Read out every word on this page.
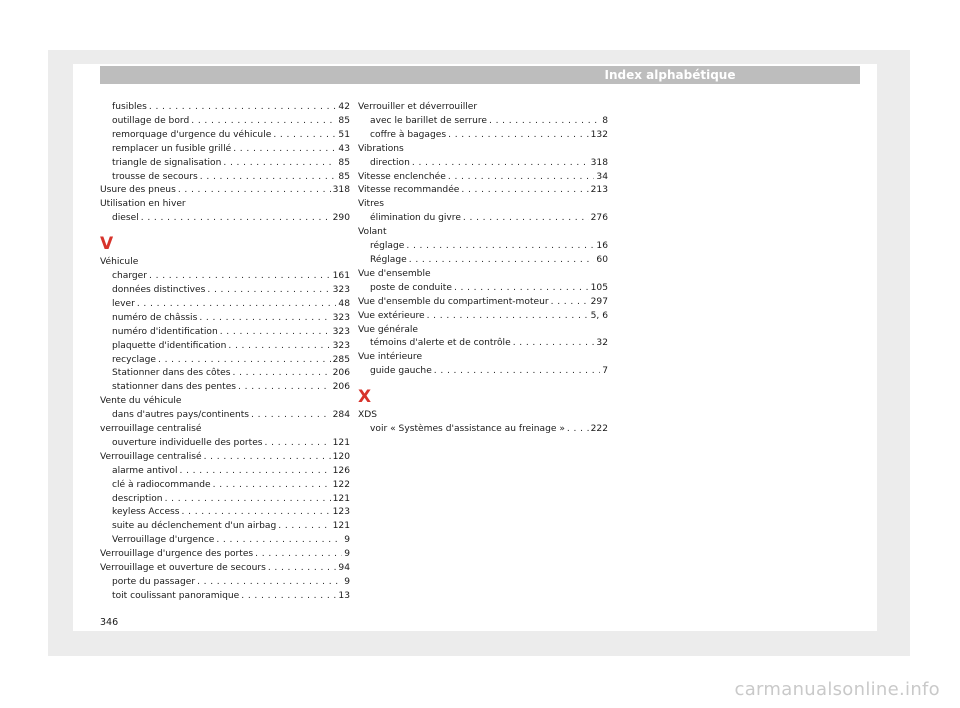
Index alphabétique
fusibles . . .	42
outillage de bord . . .	85
remorquage d'urgence du véhicule . . .	51
remplacer un fusible grillé . . .	43
triangle de signalisation . . .	85
trousse de secours . . .	85
Usure des pneus . . .	318
Utilisation en hiver
diesel . . .	290
V
Véhicule
charger . . .	161
données distinctives . . .	323
lever . . .	48
numéro de châssis . . .	323
numéro d'identification . . .	323
plaquette d'identification . . .	323
recyclage . . .	285
Stationner dans des côtes . . .	206
stationner dans des pentes . . .	206
Vente du véhicule
dans d'autres pays/continents . . .	284
verrouillage centralisé
ouverture individuelle des portes . . .	121
Verrouillage centralisé . . .	120
alarme antivol . . .	126
clé à radiocommande . . .	122
description . . .	121
keyless Access . . .	123
suite au déclenchement d'un airbag . . .	121
Verrouillage d'urgence . . .	9
Verrouillage d'urgence des portes . . .	9
Verrouillage et ouverture de secours . . .	94
porte du passager . . .	9
toit coulissant panoramique . . .	13
Verrouiller et déverrouiller
avec le barillet de serrure . . .	8
coffre à bagages . . .	132
Vibrations
direction . . .	318
Vitesse enclenchée . . .	34
Vitesse recommandée . . .	213
Vitres
élimination du givre . . .	276
Volant
réglage . . .	16
Réglage . . .	60
Vue d'ensemble
poste de conduite . . .	105
Vue d'ensemble du compartiment-moteur . . .	297
Vue extérieure . . .	5, 6
Vue générale
témoins d'alerte et de contrôle . . .	32
Vue intérieure
guide gauche . . .	7
X
XDS
voir « Systèmes d'assistance au freinage » . . .	222
346
carmanualsonline.info
